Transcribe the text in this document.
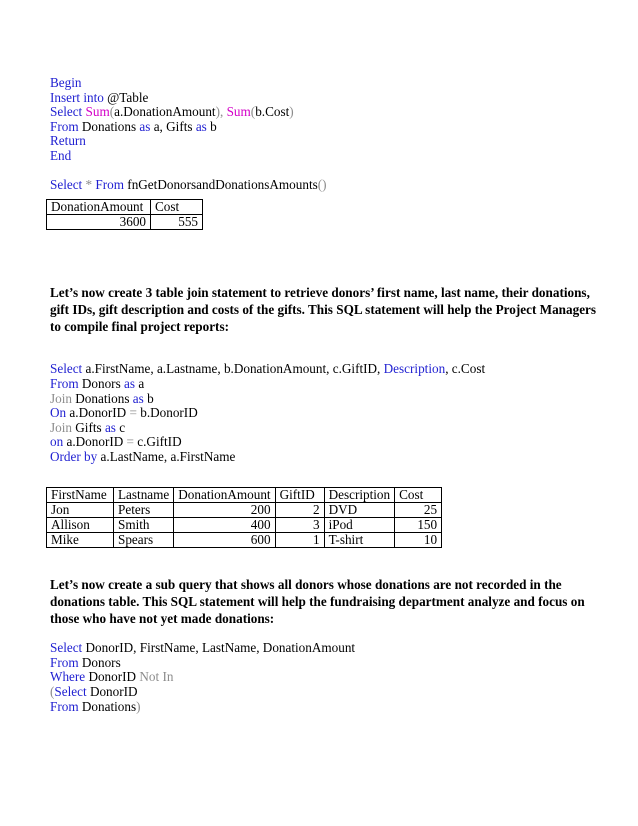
Begin
Insert into @Table
Select Sum(a.DonationAmount), Sum(b.Cost)
From Donations as a, Gifts as b
Return
End
Select * From fnGetDonorsandDonationsAmounts()
DonationAmount	Cost
3600	555

Let’s now create 3 table join statement to retrieve donors’ first name, last name, their donations, gift IDs, gift description and costs of the gifts. This SQL statement will help the Project Managers to compile final project reports:

Select a.FirstName, a.Lastname, b.DonationAmount, c.GiftID, Description, c.Cost
From Donors as a
Join Donations as b
On a.DonorID = b.DonorID
Join Gifts as c
on a.DonorID = c.GiftID
Order by a.LastName, a.FirstName
FirstName	Lastname	DonationAmount	GiftID	Description	Cost
Jon	Peters	200	2	DVD	25
Allison	Smith	400	3	iPod	150
Mike	Spears	600	1	T-shirt	10

Let’s now create a sub query that shows all donors whose donations are not recorded in the donations table. This SQL statement will help the fundraising department analyze and focus on those who have not yet made donations:

Select DonorID, FirstName, LastName, DonationAmount
From Donors
Where DonorID Not In
(Select DonorID
From Donations)
